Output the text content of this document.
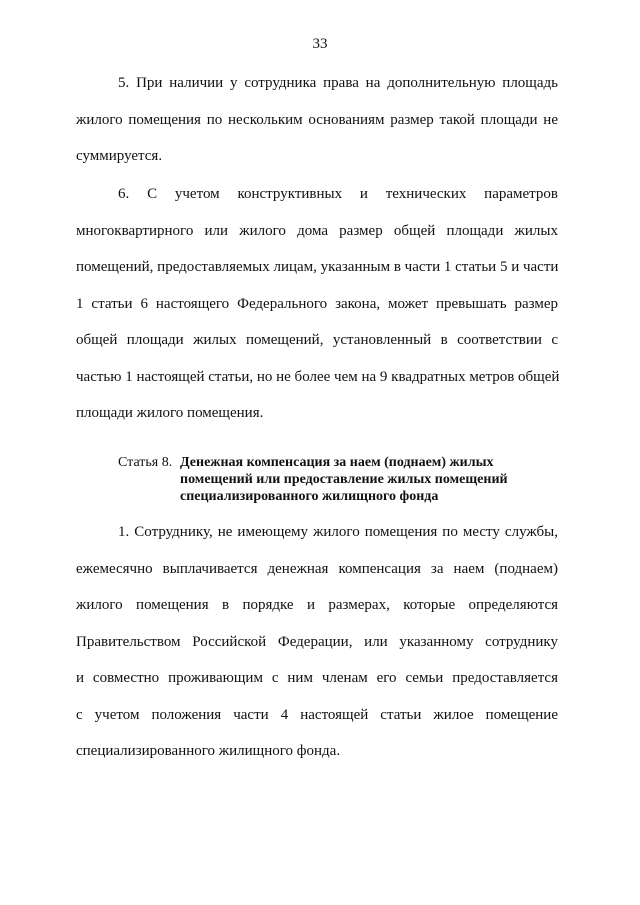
33
5. При наличии у сотрудника права на дополнительную площадь
жилого помещения по нескольким основаниям размер такой площади не
суммируется.
6. С учетом конструктивных и технических параметров
многоквартирного или жилого дома размер общей площади жилых
помещений, предоставляемых лицам, указанным в части 1 статьи 5 и части
1 статьи 6 настоящего Федерального закона, может превышать размер
общей площади жилых помещений, установленный в соответствии с
частью 1 настоящей статьи, но не более чем на 9 квадратных метров общей
площади жилого помещения.
Статья 8. Денежная компенсация за наем (поднаем) жилых
помещений или предоставление жилых помещений
специализированного жилищного фонда
1. Сотруднику, не имеющему жилого помещения по месту службы,
ежемесячно выплачивается денежная компенсация за наем (поднаем)
жилого помещения в порядке и размерах, которые определяются
Правительством Российской Федерации, или указанному сотруднику
и совместно проживающим с ним членам его семьи предоставляется
с учетом положения части 4 настоящей статьи жилое помещение
специализированного жилищного фонда.
